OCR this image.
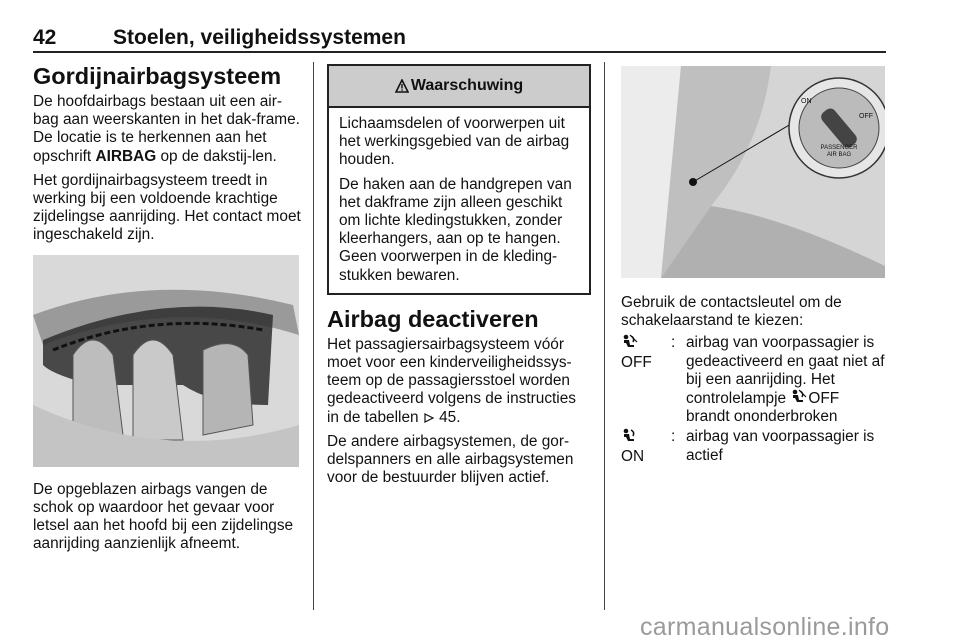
42	Stoelen, veiligheidssystemen
Gordijnairbagsysteem

De hoofdairbags bestaan uit een air-bag aan weerskanten in het dak-frame. De locatie is te herkennen aan het opschrift AIRBAG op de dakstij-len.

Het gordijnairbagsysteem treedt in werking bij een voldoende krachtige zijdelingse aanrijding. Het contact moet ingeschakeld zijn.

De opgeblazen airbags vangen de schok op waardoor het gevaar voor letsel aan het hoofd bij een zijdelingse aanrijding aanzienlijk afneemt.

Waarschuwing

Lichaamsdelen of voorwerpen uit het werkingsgebied van de airbag houden.

De haken aan de handgrepen van het dakframe zijn alleen geschikt om lichte kledingstukken, zonder kleerhangers, aan op te hangen. Geen voorwerpen in de kleding-stukken bewaren.

Airbag deactiveren

Het passagiersairbagsysteem vóór moet voor een kinderveiligheidssys-teem op de passagiersstoel worden gedeactiveerd volgens de instructies in de tabellen  45.

De andere airbagsystemen, de gor-delspanners en alle airbagsystemen voor de bestuurder blijven actief.

ON
OFF
PASSENGER
AIR BAG

Gebruik de contactsleutel om de schakelaarstand te kiezen:

OFF
: airbag van voorpassagier is gedeactiveerd en gaat niet af bij een aanrijding. Het controlelampje OFF
brandt ononderbroken

ON
: airbag van voorpassagier is actief
carmanualsonline.info
